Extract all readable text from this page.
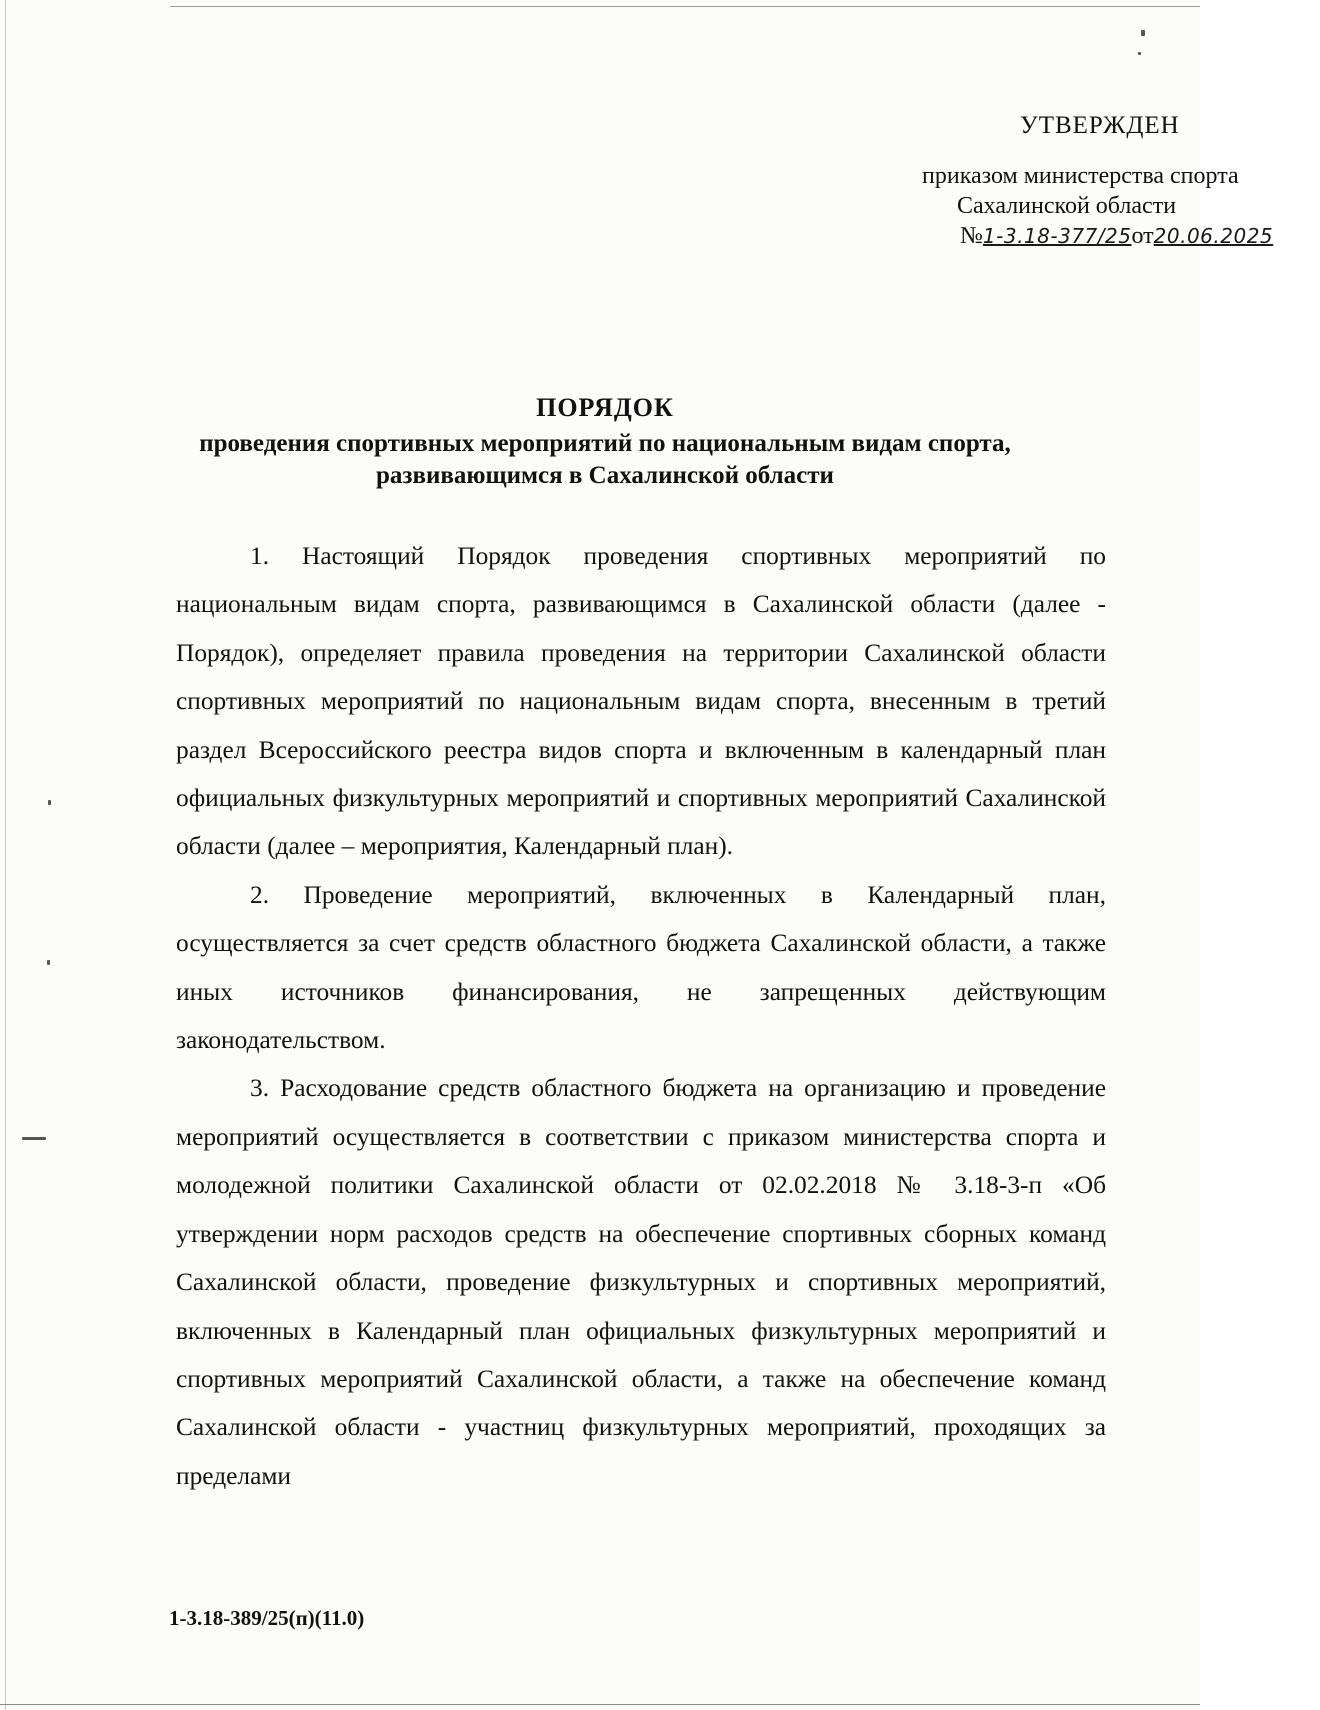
УТВЕРЖДЕН
приказом министерства спорта
Сахалинской области
№1-3.18-377/25от20.06.2025
ПОРЯДОК
проведения спортивных мероприятий по национальным видам спорта,
развивающимся в Сахалинской области

1. Настоящий Порядок проведения спортивных мероприятий по национальным видам спорта, развивающимся в Сахалинской области (далее - Порядок), определяет правила проведения на территории Сахалинской области спортивных мероприятий по национальным видам спорта, внесенным в третий раздел Всероссийского реестра видов спорта и включенным в календарный план официальных физкультурных мероприятий и спортивных мероприятий Сахалинской области (далее – мероприятия, Календарный план).

2. Проведение мероприятий, включенных в Календарный план, осуществляется за счет средств областного бюджета Сахалинской области, а также иных источников финансирования, не запрещенных действующим законодательством.

3. Расходование средств областного бюджета на организацию и проведение мероприятий осуществляется в соответствии с приказом министерства спорта и молодежной политики Сахалинской области от 02.02.2018 № 3.18-3-п «Об утверждении норм расходов средств на обеспечение спортивных сборных команд Сахалинской области, проведение физкультурных и спортивных мероприятий, включенных в Календарный план официальных физкультурных мероприятий и спортивных мероприятий Сахалинской области, а также на обеспечение команд Сахалинской области - участниц физкультурных мероприятий, проходящих за пределами

1-3.18-389/25(п)(11.0)
